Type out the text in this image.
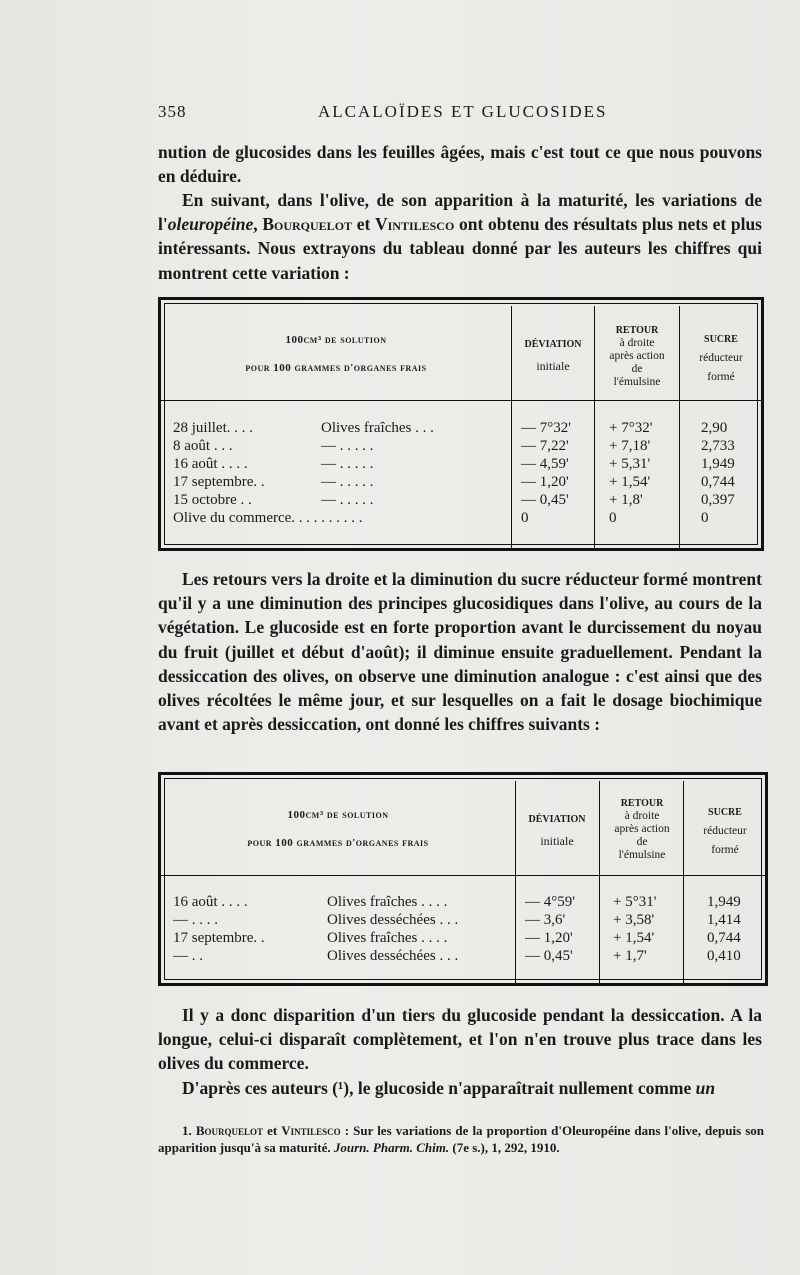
358	ALCALOÏDES ET GLUCOSIDES

nution de glucosides dans les feuilles âgées, mais c'est tout ce que nous pouvons en déduire.

En suivant, dans l'olive, de son apparition à la maturité, les variations de l'oleuropéine, Bourquelot et Vintilesco ont obtenu des résultats plus nets et plus intéressants. Nous extrayons du tableau donné par les auteurs les chiffres qui montrent cette variation :

100cm³ de solution
pour 100 grammes d'organes frais
DÉVIATION
initiale
RETOUR
à droite
après action
de
l'émulsine
SUCRE
réducteur
formé
28 juillet. . . .	Olives fraîches . . .	— 7°32'	+ 7°32'	2,90
8 août . . .	— . . . . .	— 7,22'	+ 7,18'	2,733
16 août . . . .	— . . . . .	— 4,59'	+ 5,31'	1,949
17 septembre. .	— . . . . .	— 1,20'	+ 1,54'	0,744
15 octobre . .	— . . . . .	— 0,45'	+ 1,8'	0,397
Olive du commerce. . . . . . . . . .	0	0	0

Les retours vers la droite et la diminution du sucre réducteur formé montrent qu'il y a une diminution des principes glucosidiques dans l'olive, au cours de la végétation. Le glucoside est en forte proportion avant le durcissement du noyau du fruit (juillet et début d'août); il diminue ensuite graduellement. Pendant la dessiccation des olives, on observe une diminution analogue : c'est ainsi que des olives récoltées le même jour, et sur lesquelles on a fait le dosage biochimique avant et après dessiccation, ont donné les chiffres suivants :

100cm³ de solution
pour 100 grammes d'organes frais
DÉVIATION
initiale
RETOUR
à droite
après action
de
l'émulsine
SUCRE
réducteur
formé
16 août . . . .	Olives fraîches . . . .	— 4°59'	+ 5°31'	1,949
— . . . .	Olives desséchées . . .	— 3,6'	+ 3,58'	1,414
17 septembre. .	Olives fraîches . . . .	— 1,20'	+ 1,54'	0,744
— . .	Olives desséchées . . .	— 0,45'	+ 1,7'	0,410

Il y a donc disparition d'un tiers du glucoside pendant la dessiccation. A la longue, celui-ci disparaît complètement, et l'on n'en trouve plus trace dans les olives du commerce.

D'après ces auteurs (¹), le glucoside n'apparaîtrait nullement comme un

1. Bourquelot et Vintilesco : Sur les variations de la proportion d'Oleuropéine dans l'olive, depuis son apparition jusqu'à sa maturité. Journ. Pharm. Chim. (7e s.), 1, 292, 1910.
